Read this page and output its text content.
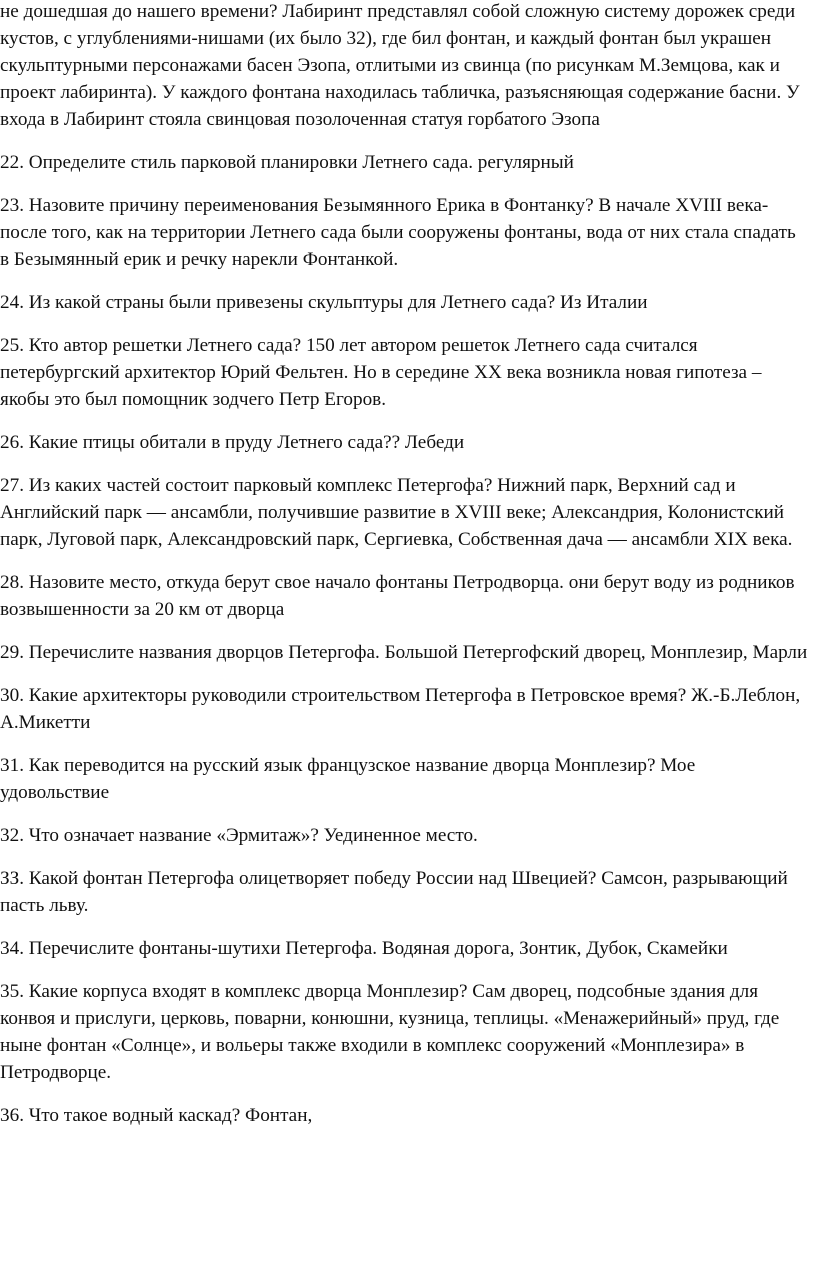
не дошедшая до нашего времени? Лабиринт представлял собой сложную систему дорожек среди кустов, с углублениями-нишами (их было 32), где бил фонтан, и каждый фонтан был украшен скульптурными персонажами басен Эзопа, отлитыми из свинца (по рисункам М.Земцова, как и проект лабиринта). У каждого фонтана находилась табличка, разъясняющая содержание басни. У входа в Лабиринт стояла свинцовая позолоченная статуя горбатого Эзопа

22. Определите стиль парковой планировки Летнего сада. регулярный

23. Назовите причину переименования Безымянного Ерика в Фонтанку? В начале XVIII века- после того, как на территории Летнего сада были сооружены фонтаны, вода от них стала спадать в Безымянный ерик и речку нарекли Фонтанкой.

24. Из какой страны были привезены скульптуры для Летнего сада? Из Италии

25. Кто автор решетки Летнего сада? 150 лет автором решеток Летнего сада считался петербургский архитектор Юрий Фельтен. Но в середине XX века возникла новая гипотеза – якобы это был помощник зодчего Петр Егоров.

26. Какие птицы обитали в пруду Летнего сада?? Лебеди

27. Из каких частей состоит парковый комплекс Петергофа? Нижний парк, Верхний сад и Английский парк — ансамбли, получившие развитие в XVIII веке; Александрия, Колонистский парк, Луговой парк, Александровский парк, Сергиевка, Собственная дача — ансамбли XIX века.

28. Назовите место, откуда берут свое начало фонтаны Петродворца. они берут воду из родников возвышенности за 20 км от дворца

29. Перечислите названия дворцов Петергофа. Большой Петергофский дворец, Монплезир, Марли

30. Какие архитекторы руководили строительством Петергофа в Петровское время? Ж.-Б.Леблон, А.Микетти

31. Как переводится на русский язык французское название дворца Монплезир? Мое удовольствие

32. Что означает название «Эрмитаж»? Уединенное место.

ЗЗ. Какой фонтан Петергофа олицетворяет победу России над Швецией? Самсон, разрывающий пасть льву.

34. Перечислите фонтаны-шутихи Петергофа. Водяная дорога, Зонтик, Дубок, Скамейки

35. Какие корпуса входят в комплекс дворца Монплезир? Сам дворец, подсобные здания для конвоя и прислуги, церковь, поварни, конюшни, кузница, теплицы. «Менажерийный» пруд, где ныне фонтан «Солнце», и вольеры также входили в комплекс сооружений «Монплезира» в Петродворце.

36. Что такое водный каскад? Фонтан,
